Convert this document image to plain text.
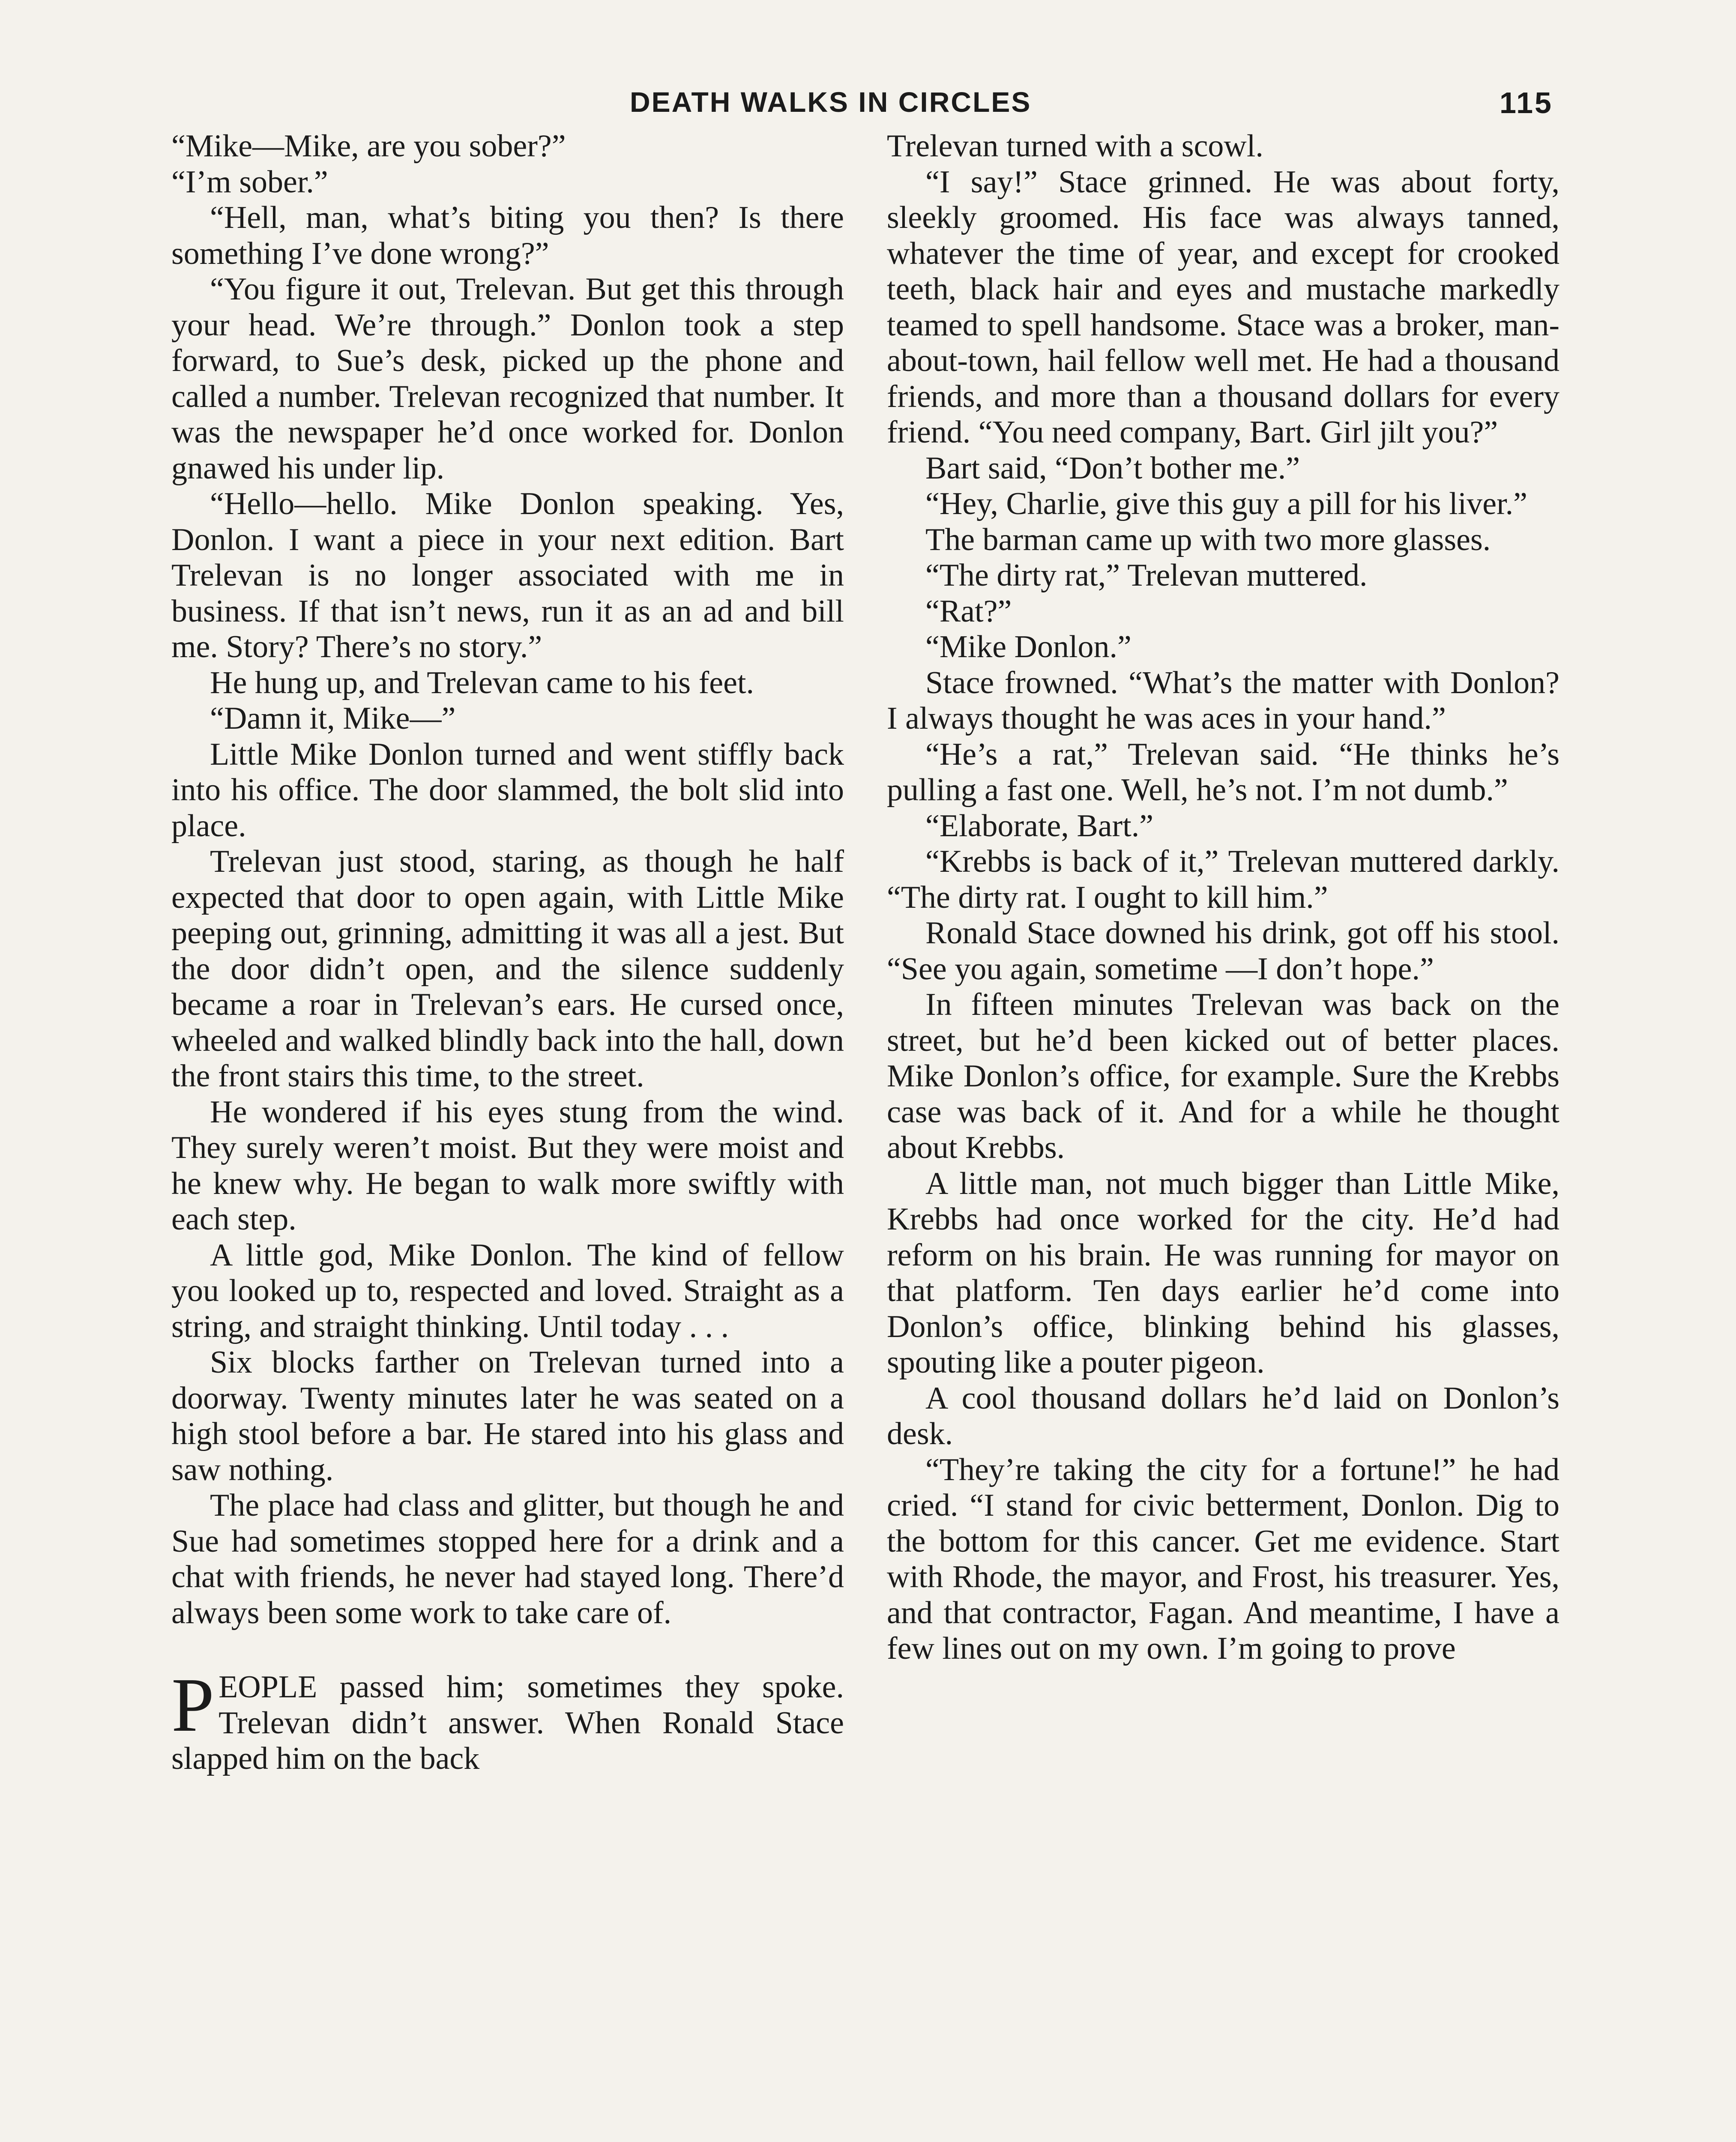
DEATH WALKS IN CIRCLES	115

“Mike—Mike, are you sober?”

“I’m sober.”

“Hell, man, what’s biting you then? Is there something I’ve done wrong?”

“You figure it out, Trelevan. But get this through your head. We’re through.” Donlon took a step forward, to Sue’s desk, picked up the phone and called a number. Trelevan recognized that number. It was the newspaper he’d once worked for. Donlon gnawed his under lip.

“Hello—hello. Mike Donlon speaking. Yes, Donlon. I want a piece in your next edition. Bart Trelevan is no longer associated with me in business. If that isn’t news, run it as an ad and bill me. Story? There’s no story.”

He hung up, and Trelevan came to his feet.

“Damn it, Mike—”

Little Mike Donlon turned and went stiffly back into his office. The door slammed, the bolt slid into place.

Trelevan just stood, staring, as though he half expected that door to open again, with Little Mike peeping out, grinning, admitting it was all a jest. But the door didn’t open, and the silence suddenly became a roar in Trelevan’s ears. He cursed once, wheeled and walked blindly back into the hall, down the front stairs this time, to the street.

He wondered if his eyes stung from the wind. They surely weren’t moist. But they were moist and he knew why. He began to walk more swiftly with each step.

A little god, Mike Donlon. The kind of fellow you looked up to, respected and loved. Straight as a string, and straight thinking. Until today . . .

Six blocks farther on Trelevan turned into a doorway. Twenty minutes later he was seated on a high stool before a bar. He stared into his glass and saw nothing.

The place had class and glitter, but though he and Sue had sometimes stopped here for a drink and a chat with friends, he never had stayed long. There’d always been some work to take care of.

PEOPLE passed him; sometimes they spoke. Trelevan didn’t answer. When Ronald Stace slapped him on the back

Trelevan turned with a scowl.

“I say!” Stace grinned. He was about forty, sleekly groomed. His face was always tanned, whatever the time of year, and except for crooked teeth, black hair and eyes and mustache markedly teamed to spell handsome. Stace was a broker, man-about-town, hail fellow well met. He had a thousand friends, and more than a thousand dollars for every friend. “You need company, Bart. Girl jilt you?”

Bart said, “Don’t bother me.”

“Hey, Charlie, give this guy a pill for his liver.”

The barman came up with two more glasses.

“The dirty rat,” Trelevan muttered.

“Rat?”

“Mike Donlon.”

Stace frowned. “What’s the matter with Donlon? I always thought he was aces in your hand.”

“He’s a rat,” Trelevan said. “He thinks he’s pulling a fast one. Well, he’s not. I’m not dumb.”

“Elaborate, Bart.”

“Krebbs is back of it,” Trelevan muttered darkly. “The dirty rat. I ought to kill him.”

Ronald Stace downed his drink, got off his stool. “See you again, sometime —I don’t hope.”

In fifteen minutes Trelevan was back on the street, but he’d been kicked out of better places. Mike Donlon’s office, for example. Sure the Krebbs case was back of it. And for a while he thought about Krebbs.

A little man, not much bigger than Little Mike, Krebbs had once worked for the city. He’d had reform on his brain. He was running for mayor on that platform. Ten days earlier he’d come into Donlon’s office, blinking behind his glasses, spouting like a pouter pigeon.

A cool thousand dollars he’d laid on Donlon’s desk.

“They’re taking the city for a fortune!” he had cried. “I stand for civic betterment, Donlon. Dig to the bottom for this cancer. Get me evidence. Start with Rhode, the mayor, and Frost, his treasurer. Yes, and that contractor, Fagan. And meantime, I have a few lines out on my own. I’m going to prove
